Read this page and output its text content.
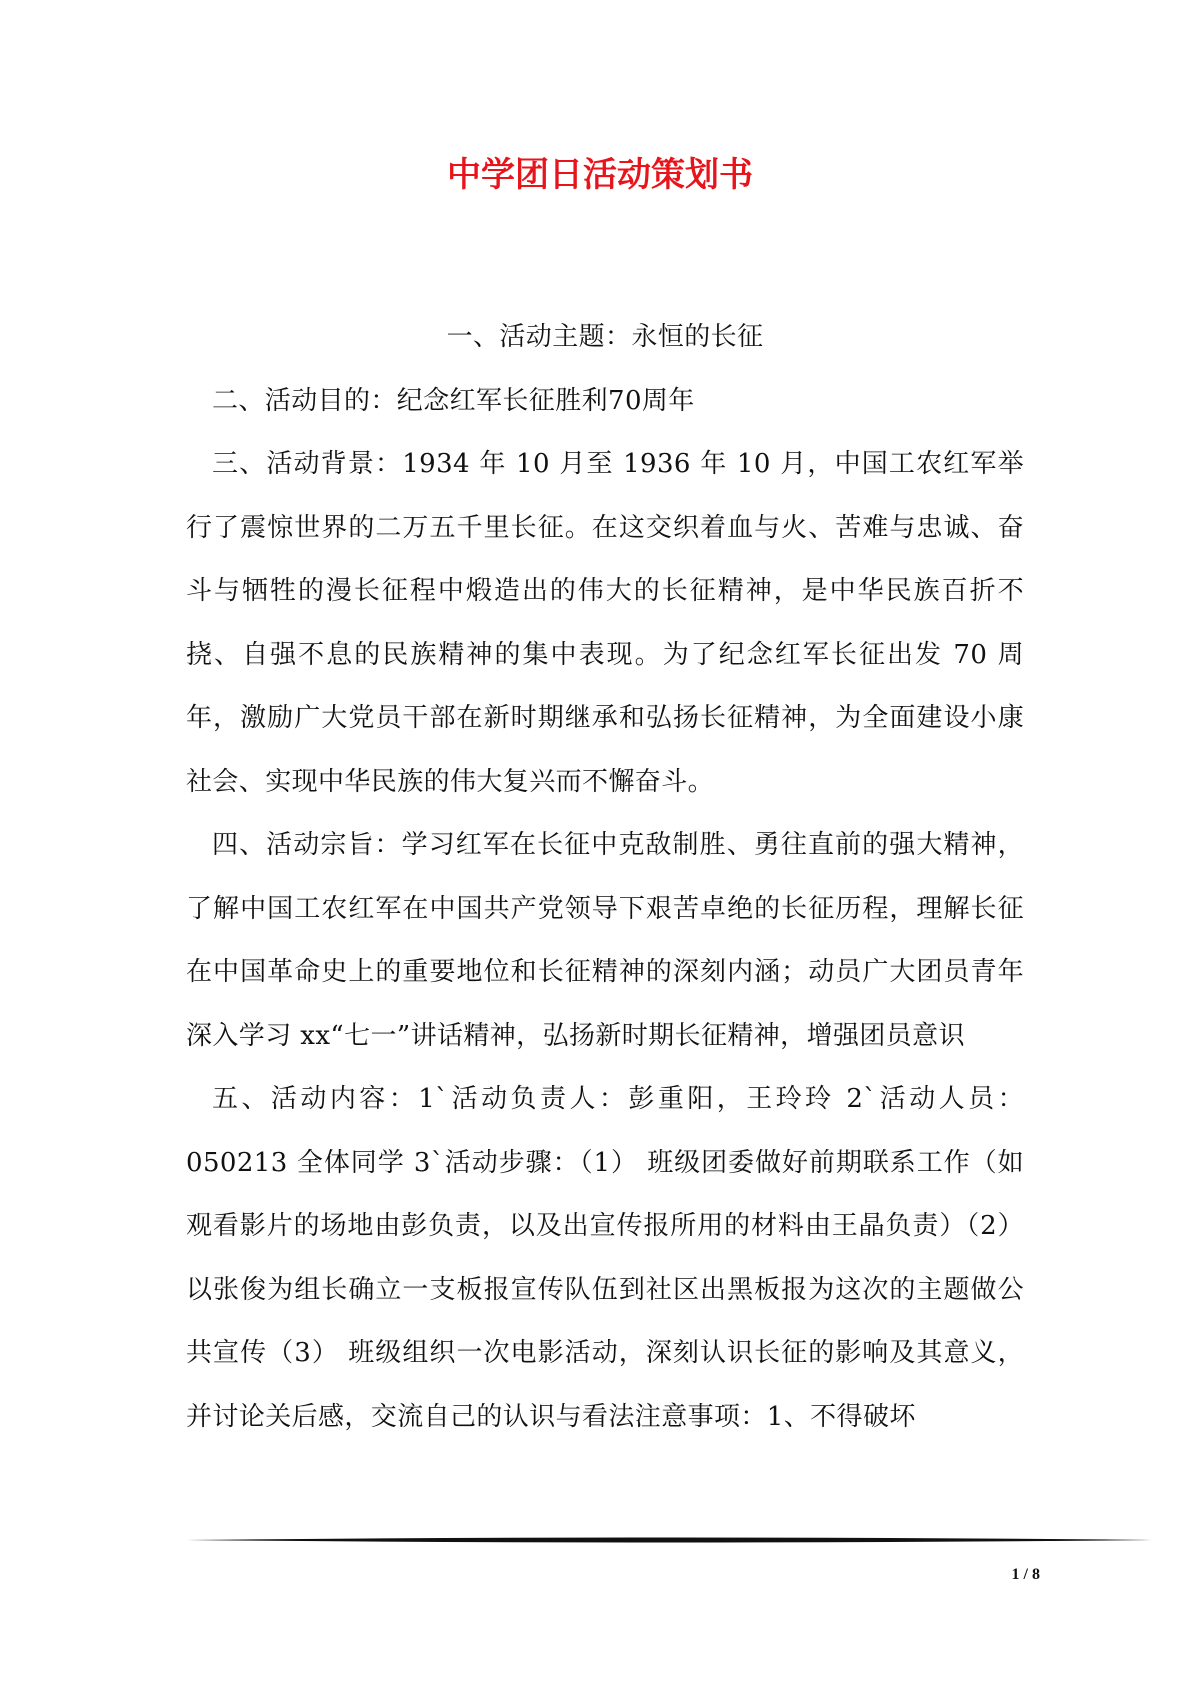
中学团日活动策划书

一、活动主题：永恒的长征

二、活动目的：纪念红军长征胜利70周年

三、活动背景：1934 年 10 月至 1936 年 10 月，中国工农红军举行了震惊世界的二万五千里长征。在这交织着血与火、苦难与忠诚、奋斗与牺牲的漫长征程中煅造出的伟大的长征精神，是中华民族百折不挠、自强不息的民族精神的集中表现。为了纪念红军长征出发 70 周年，激励广大党员干部在新时期继承和弘扬长征精神，为全面建设小康社会、实现中华民族的伟大复兴而不懈奋斗。

四、活动宗旨：学习红军在长征中克敌制胜、勇往直前的强大精神，了解中国工农红军在中国共产党领导下艰苦卓绝的长征历程，理解长征在中国革命史上的重要地位和长征精神的深刻内涵；动员广大团员青年深入学习 xx“七一”讲话精神，弘扬新时期长征精神，增强团员意识

五、活动内容：1`活动负责人：彭重阳，王玲玲 2`活动人员：050213 全体同学 3`活动步骤：（1） 班级团委做好前期联系工作（如观看影片的场地由彭负责，以及出宣传报所用的材料由王晶负责）（2） 以张俊为组长确立一支板报宣传队伍到社区出黑板报为这次的主题做公共宣传（3） 班级组织一次电影活动，深刻认识长征的影响及其意义，并讨论关后感，交流自己的认识与看法注意事项：1、不得破坏

1 / 8
